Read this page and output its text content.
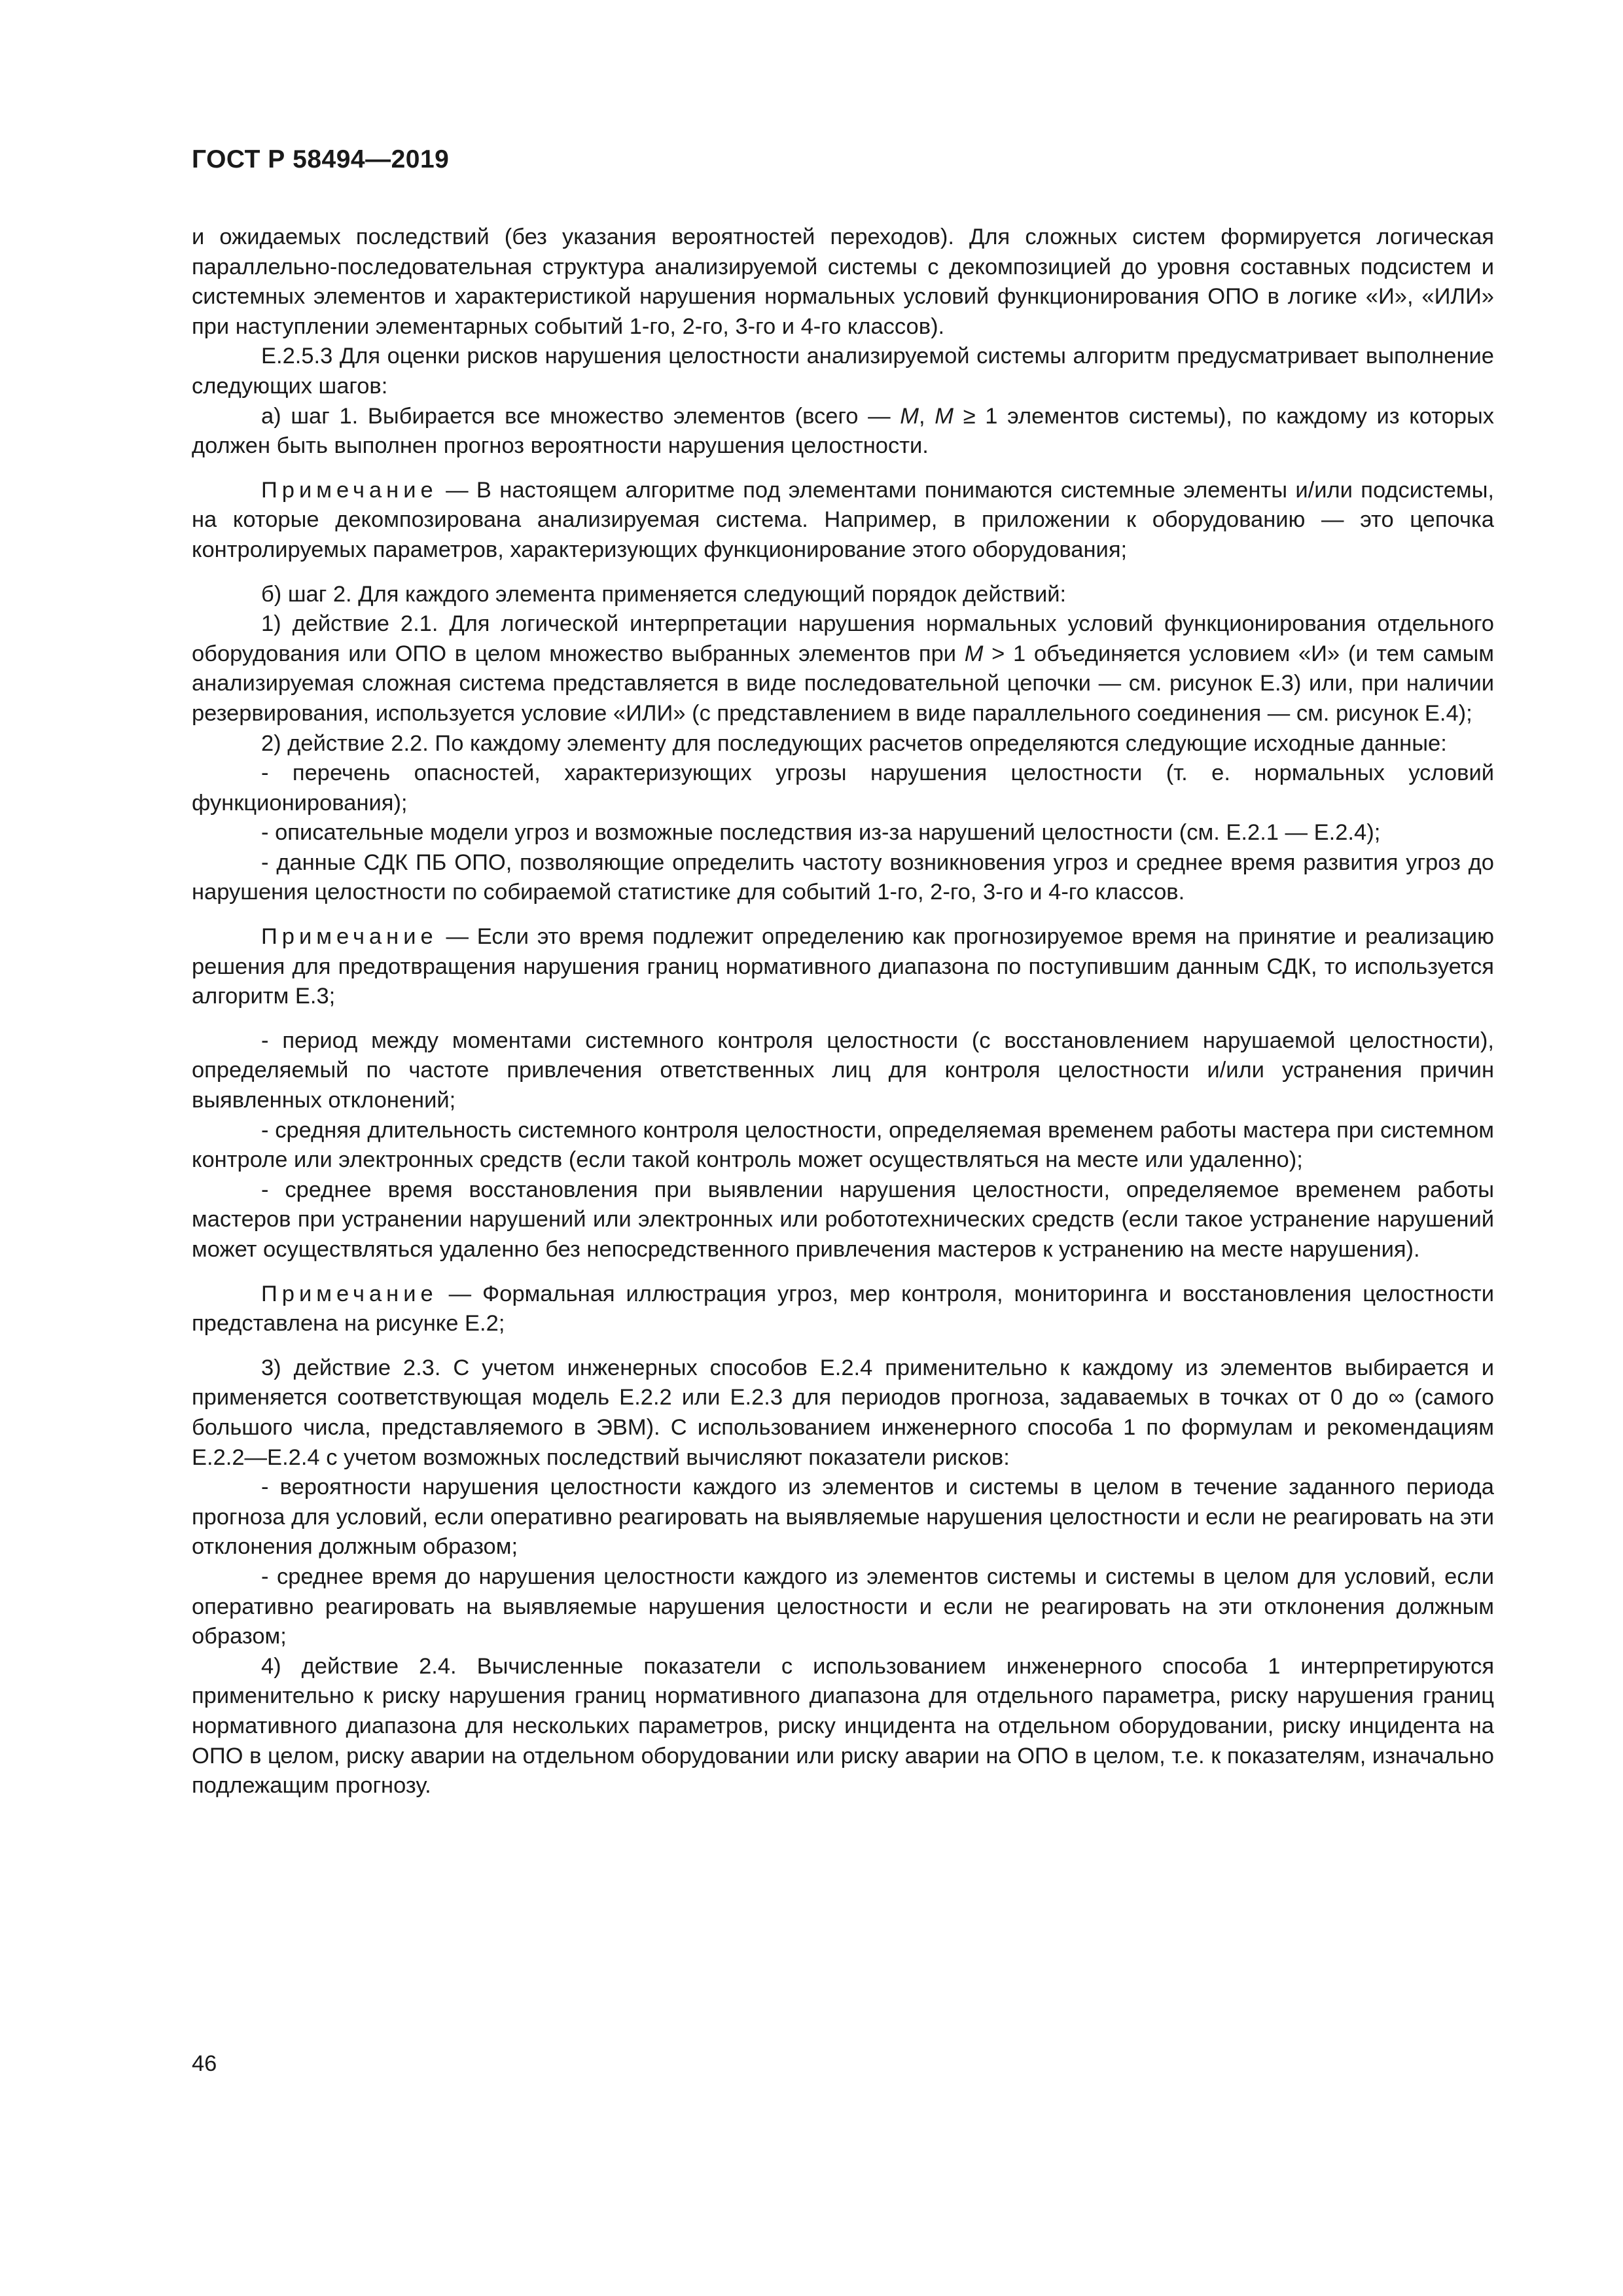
ГОСТ Р 58494—2019

и ожидаемых последствий (без указания вероятностей переходов). Для сложных систем формируется логическая параллельно-последовательная структура анализируемой системы с декомпозицией до уровня составных подсистем и системных элементов и характеристикой нарушения нормальных условий функционирования ОПО в логике «И», «ИЛИ» при наступлении элементарных событий 1-го, 2-го, 3-го и 4-го классов).

Е.2.5.3 Для оценки рисков нарушения целостности анализируемой системы алгоритм предусматривает выполнение следующих шагов:

а) шаг 1. Выбирается все множество элементов (всего — M, M ≥ 1 элементов системы), по каждому из которых должен быть выполнен прогноз вероятности нарушения целостности.

Примечание — В настоящем алгоритме под элементами понимаются системные элементы и/или подсистемы, на которые декомпозирована анализируемая система. Например, в приложении к оборудованию — это цепочка контролируемых параметров, характеризующих функционирование этого оборудования;

б) шаг 2. Для каждого элемента применяется следующий порядок действий:

1) действие 2.1. Для логической интерпретации нарушения нормальных условий функционирования отдельного оборудования или ОПО в целом множество выбранных элементов при M > 1 объединяется условием «И» (и тем самым анализируемая сложная система представляется в виде последовательной цепочки — см. рисунок Е.3) или, при наличии резервирования, используется условие «ИЛИ» (с представлением в виде параллельного соединения — см. рисунок Е.4);

2) действие 2.2. По каждому элементу для последующих расчетов определяются следующие исходные данные:

- перечень опасностей, характеризующих угрозы нарушения целостности (т. е. нормальных условий функционирования);

- описательные модели угроз и возможные последствия из-за нарушений целостности (см. Е.2.1 — Е.2.4);

- данные СДК ПБ ОПО, позволяющие определить частоту возникновения угроз и среднее время развития угроз до нарушения целостности по собираемой статистике для событий 1-го, 2-го, 3-го и 4-го классов.

Примечание — Если это время подлежит определению как прогнозируемое время на принятие и реализацию решения для предотвращения нарушения границ нормативного диапазона по поступившим данным СДК, то используется алгоритм Е.3;

- период между моментами системного контроля целостности (с восстановлением нарушаемой целостности), определяемый по частоте привлечения ответственных лиц для контроля целостности и/или устранения причин выявленных отклонений;

- средняя длительность системного контроля целостности, определяемая временем работы мастера при системном контроле или электронных средств (если такой контроль может осуществляться на месте или удаленно);

- среднее время восстановления при выявлении нарушения целостности, определяемое временем работы мастеров при устранении нарушений или электронных или робототехнических средств (если такое устранение нарушений может осуществляться удаленно без непосредственного привлечения мастеров к устранению на месте нарушения).

Примечание — Формальная иллюстрация угроз, мер контроля, мониторинга и восстановления целостности представлена на рисунке Е.2;

3) действие 2.3. С учетом инженерных способов Е.2.4 применительно к каждому из элементов выбирается и применяется соответствующая модель Е.2.2 или Е.2.3 для периодов прогноза, задаваемых в точках от 0 до ∞ (самого большого числа, представляемого в ЭВМ). С использованием инженерного способа 1 по формулам и рекомендациям Е.2.2—Е.2.4 с учетом возможных последствий вычисляют показатели рисков:

- вероятности нарушения целостности каждого из элементов и системы в целом в течение заданного периода прогноза для условий, если оперативно реагировать на выявляемые нарушения целостности и если не реагировать на эти отклонения должным образом;

- среднее время до нарушения целостности каждого из элементов системы и системы в целом для условий, если оперативно реагировать на выявляемые нарушения целостности и если не реагировать на эти отклонения должным образом;

4) действие 2.4. Вычисленные показатели с использованием инженерного способа 1 интерпретируются применительно к риску нарушения границ нормативного диапазона для отдельного параметра, риску нарушения границ нормативного диапазона для нескольких параметров, риску инцидента на отдельном оборудовании, риску инцидента на ОПО в целом, риску аварии на отдельном оборудовании или риску аварии на ОПО в целом, т.е. к показателям, изначально подлежащим прогнозу.

46
